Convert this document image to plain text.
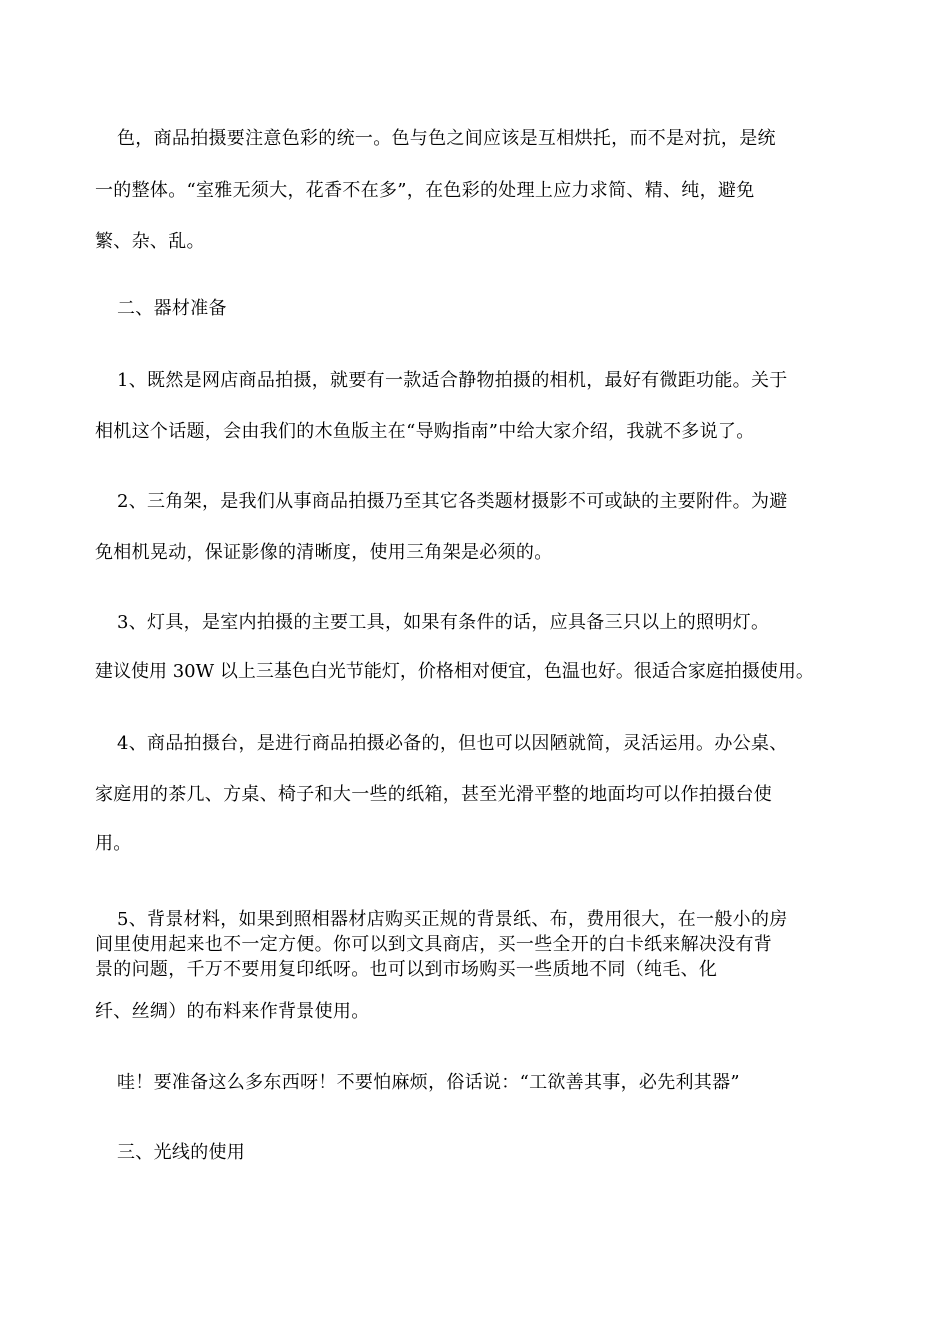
色，商品拍摄要注意色彩的统一。色与色之间应该是互相烘托，而不是对抗，是统
一的整体。“室雅无须大，花香不在多”，在色彩的处理上应力求简、精、纯，避免
繁、杂、乱。
二、器材准备
1、既然是网店商品拍摄，就要有一款适合静物拍摄的相机，最好有微距功能。关于
相机这个话题，会由我们的木鱼版主在“导购指南”中给大家介绍，我就不多说了。
2、三角架，是我们从事商品拍摄乃至其它各类题材摄影不可或缺的主要附件。为避
免相机晃动，保证影像的清晰度，使用三角架是必须的。
3、灯具，是室内拍摄的主要工具，如果有条件的话，应具备三只以上的照明灯。
建议使用 30W 以上三基色白光节能灯，价格相对便宜，色温也好。很适合家庭拍摄使用。
4、商品拍摄台，是进行商品拍摄必备的，但也可以因陋就简，灵活运用。办公桌、
家庭用的茶几、方桌、椅子和大一些的纸箱，甚至光滑平整的地面均可以作拍摄台使
用。
5、背景材料，如果到照相器材店购买正规的背景纸、布，费用很大，在一般小的房
间里使用起来也不一定方便。你可以到文具商店，买一些全开的白卡纸来解决没有背
景的问题，千万不要用复印纸呀。也可以到市场购买一些质地不同（纯毛、化
纤、丝绸）的布料来作背景使用。
哇！要准备这么多东西呀！不要怕麻烦，俗话说：“工欲善其事，必先利其器”
三、光线的使用
